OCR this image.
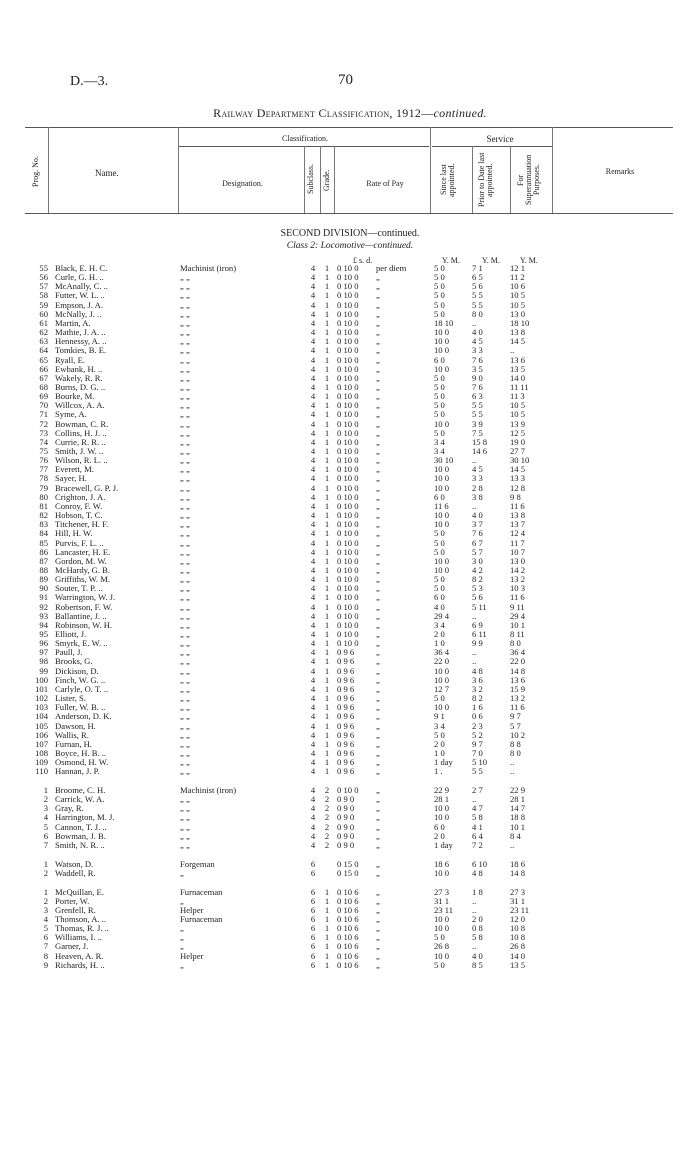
D.—3.	70
Railway Department Classification, 1912—continued.
Prog. No.	Name.
Classification.
Designation.	Subclass. Grade.	Rate of Pay
Service
Since last appointed.	Prior to Date last appointed.	For Superannuation Purposes.	Remarks
SECOND DIVISION—continued.
Class 2: Locomotive—continued.
£ s. d.	Y. M.	Y. M.	Y. M.
55 Black, E. H. C.	Machinist (iron)	4	1 0 10 0 per diem	5 0	7 1	12 1
56 Curle, G. H. ..	„ „	4	1 0 10 0 „	5 0	6 5	11 2
57 McAnally, C. ..	„ „	4	1 0 10 0 „	5 0	5 6	10 6
58 Futter, W. L. ..	„ „	4	1 0 10 0 „	5 0	5 5	10 5
59 Empson, J. A.	„ „	4	1 0 10 0 „	5 0	5 5	10 5
60 McNally, J. ..	„ „	4	1 0 10 0 „	5 0	8 0	13 0
61 Martin, A.	„ „	4	1 0 10 0 „	18 10	..	18 10
62 Mathie, J. A. ..	„ „	4	1 0 10 0 „	10 0	4 0	13 8
63 Hennessy, A. ..	„ „	4	1 0 10 0 „	10 0	4 5	14 5
64 Tomkies, B. E.	„ „	4	1 0 10 0 „	10 0	3 3	..
65 Ryall, E.	„ „	4	1 0 10 0 „	6 0	7 6	13 6
66 Ewbank, H. ..	„ „	4	1 0 10 0 „	10 0	3 5	13 5
67 Wakely, R. R.	„ „	4	1 0 10 0 „	5 0	9 0	14 0
68 Burns, D. G. ..	„ „	4	1 0 10 0 „	5 0	7 6	11 11
69 Bourke, M.	„ „	4	1 0 10 0 „	5 0	6 3	11 3
70 Willcox, A. A.	„ „	4	1 0 10 0 „	5 0	5 5	10 5
71 Syme, A.	„ „	4	1 0 10 0 „	5 0	5 5	10 5
72 Bowman, C. R.	„ „	4	1 0 10 0 „	10 0	3 9	13 9
73 Collins, H. J. ..	„ „	4	1 0 10 0 „	5 0	7 5	12 5
74 Currie, R. R. ..	„ „	4	1 0 10 0 „	3 4	15 8	19 0
75 Smith, J. W. ..	„ „	4	1 0 10 0 „	3 4	14 6	27 7
76 Wilson, R. L. ..	„ „	4	1 0 10 0 „	30 10	..	30 10
77 Everett, M.	„ „	4	1 0 10 0 „	10 0	4 5	14 5
78 Sayer, H.	„ „	4	1 0 10 0 „	10 0	3 3	13 3
79 Bracewell, G. P. J.	„ „	4	1 0 10 0 „	10 0	2 8	12 8
80 Crighton, J. A.	„ „	4	1 0 10 0 „	6 0	3 8	9 8
81 Conroy, F. W.	„ „	4	1 0 10 0 „	11 6	..	11 6
82 Hobson, T. C.	„ „	4	1 0 10 0 „	10 0	4 0	13 8
83 Titchener, H. F.	„ „	4	1 0 10 0 „	10 0	3 7	13 7
84 Hill, H. W.	„ „	4	1 0 10 0 „	5 0	7 6	12 4
85 Purvis, F. L. ..	„ „	4	1 0 10 0 „	5 0	6 7	11 7
86 Lancaster, H. E.	„ „	4	1 0 10 0 „	5 0	5 7	10 7
87 Gordon, M. W.	„ „	4	1 0 10 0 „	10 0	3 0	13 0
88 McHardy, G. B.	„ „	4	1 0 10 0 „	10 0	4 2	14 2
89 Griffiths, W. M.	„ „	4	1 0 10 0 „	5 0	8 2	13 2
90 Souter, T. P. ..	„ „	4	1 0 10 0 „	5 0	5 3	10 3
91 Warrington, W. J.	„ „	4	1 0 10 0 „	6 0	5 6	11 6
92 Robertson, F. W.	„ „	4	1 0 10 0 „	4 0	5 11	9 11
93 Ballantine, J. ..	„ „	4	1 0 10 0 „	29 4	..	29 4
94 Robinson, W. H.	„ „	4	1 0 10 0 „	3 4	6 9	10 1
95 Elliott, J.	„ „	4	1 0 10 0 „	2 0	6 11	8 11
96 Smyrk, E. W. ..	„ „	4	1 0 10 0 „	1 0	9 9	8 0
97 Paull, J.	„ „	4	1 0 9 6	„	36 4	..	36 4
98 Brooks, G.	„ „	4	1 0 9 6	„	22 0	..	22 0
99 Dickison, D.	„ „	4	1 0 9 6	„	10 0	4 8	14 8
100 Finch, W. G. ..	„ „	4	1 0 9 6	„	10 0	3 6	13 6
101 Carlyle, O. T. ..	„ „	4	1 0 9 6	„	12 7	3 2	15 9
102 Lister, S.	„ „	4	1 0 9 6	„	5 0	8 2	13 2
103 Fuller, W. B. ..	„ „	4	1 0 9 6	„	10 0	1 6	11 6
104 Anderson, D. K.	„ „	4	1 0 9 6	„	9 1	0 6	9 7
105 Dawson, H.	„ „	4	1 0 9 6	„	3 4	2 3	5 7
106 Wallis, R.	„ „	4	1 0 9 6	„	5 0	5 2	10 2
107 Furnan, H.	„ „	4	1 0 9 6	„	2 0	9 7	8 8
108 Boyce, H. B. ..	„ „	4	1 0 9 6	„	1 0	7 0	8 0
109 Osmond, H. W.	„ „	4	1 0 9 6	„	1 day	5 10	..
110 Hannan, J. P.	„ „	4	1 0 9 6	„	1 .	5 5	..
1 Broome, C. H.	Machinist (iron)	4	2 0 10 0 „	22 9	2 7	22 9
2 Carrick, W. A.	„ „	4	2 0 9 0	„	28 1	..	28 1
3 Gray, R.	„ „	4	2 0 9 0	„	10 0	4 7	14 7
4 Harrington, M. J.	„ „	4	2 0 9 0	„	10 0	5 8	18 8
5 Cannon, T. J. ..	„ „	4	2 0 9 0	„	6 0	4 1	10 1
6 Bowman, J. B.	„ „	4	2 0 9 0	„	2 0	6 4	8 4
7 Smith, N. R. ..	„ „	4	2 0 9 0	„	1 day	7 2	..
1 Watson, D.	Forgeman	6	0 15 0 „	18 6	6 10	18 6
2 Waddell, R.	„	6	0 15 0 „	10 0	4 8	14 8
1 McQuillan, E.	Furnaceman	6	1 0 10 6 „	27 3	1 8	27 3
2 Porter, W.	„	6	1 0 10 6 „	31 1	..	31 1
3 Grenfell, R.	Helper	6	1 0 10 6 „	23 11	..	23 11
4 Thomson, A. ..	Furnaceman	6	1 0 10 6 „	10 0	2 0	12 0
5 Thomas, R. J. ..	„	6	1 0 10 6 „	10 0	0 8	10 8
6 Williams, I. ..	„	6	1 0 10 6 „	5 0	5 8	10 8
7 Garner, J.	„	6	1 0 10 6 „	26 8	..	26 8
8 Heaven, A. R.	Helper	6	1 0 10 6 „	10 0	4 0	14 0
9 Richards, H. ..	„	6	1 0 10 6 „	5 0	8 5	13 5
